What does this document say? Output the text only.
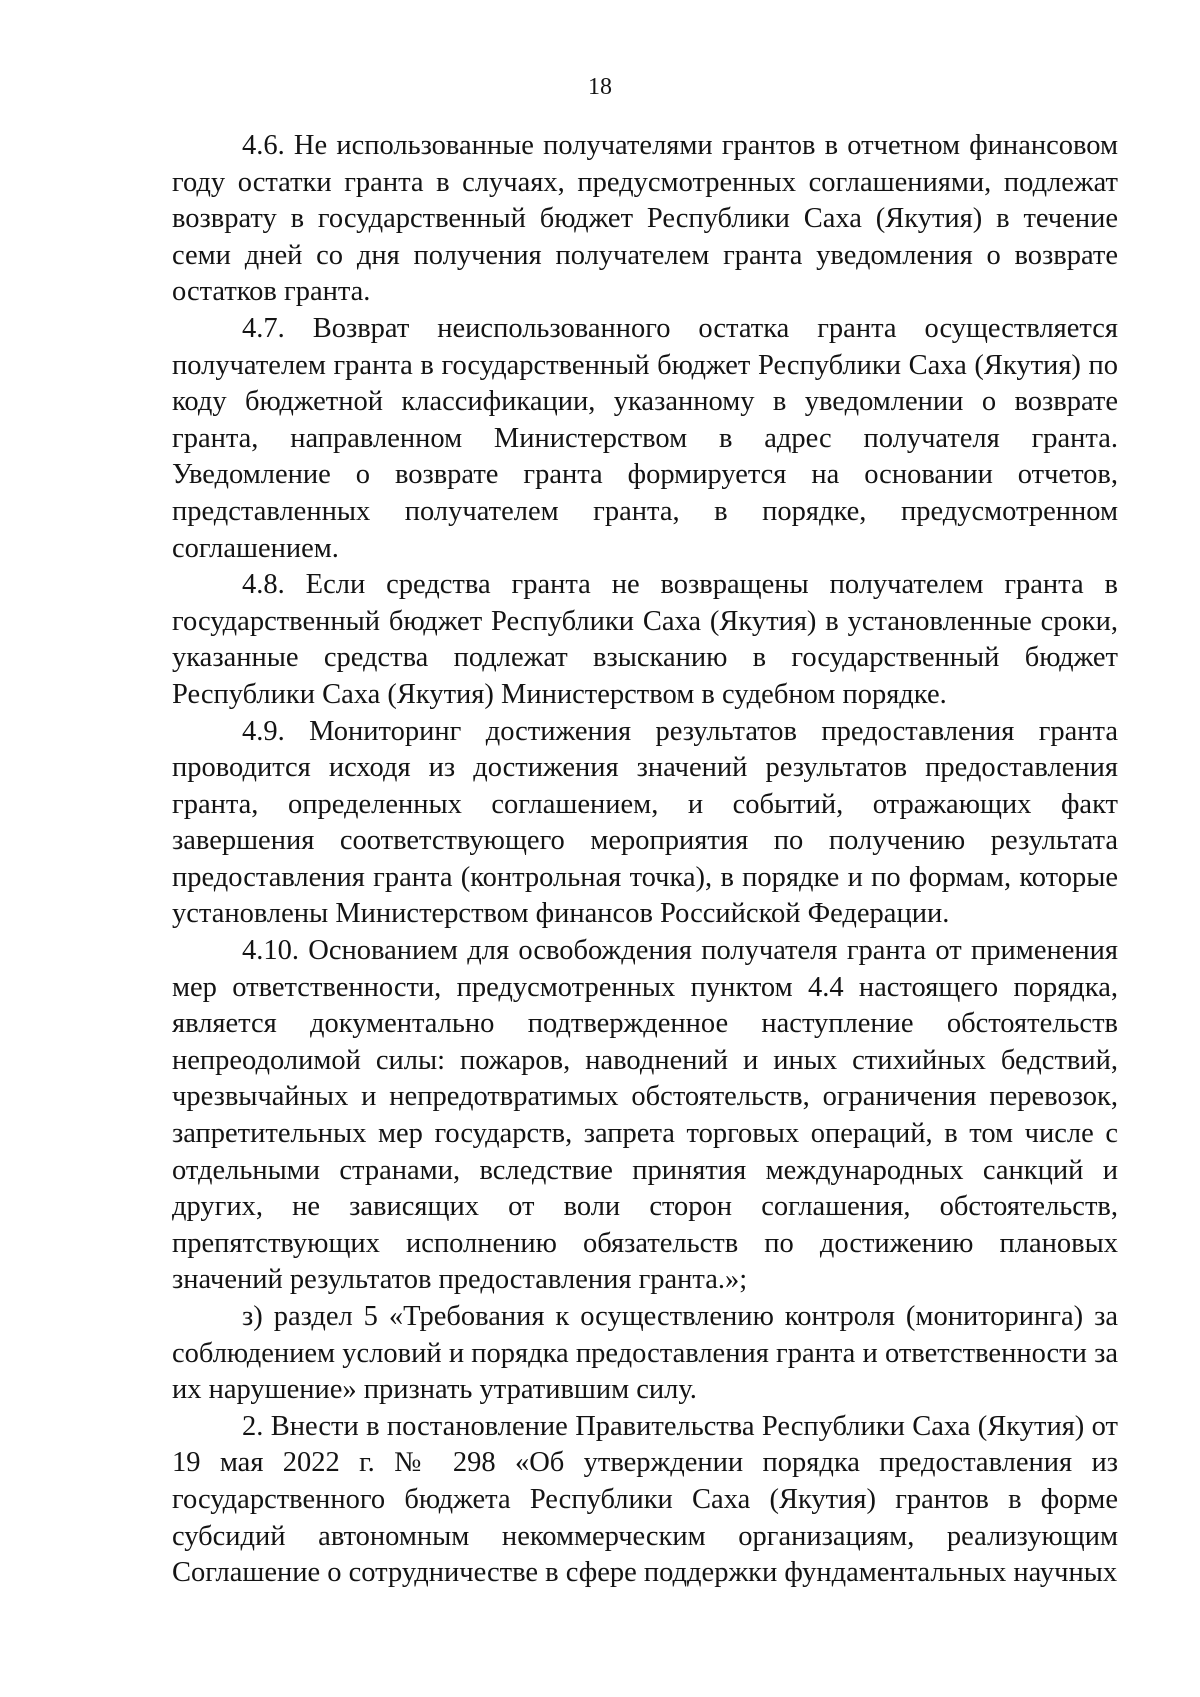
18

4.6. Не использованные получателями грантов в отчетном финансовом году остатки гранта в случаях, предусмотренных соглашениями, подлежат возврату в государственный бюджет Республики Саха (Якутия) в течение семи дней со дня получения получателем гранта уведомления о возврате остатков гранта.

4.7. Возврат неиспользованного остатка гранта осуществляется получателем гранта в государственный бюджет Республики Саха (Якутия) по коду бюджетной классификации, указанному в уведомлении о возврате гранта, направленном Министерством в адрес получателя гранта. Уведомление о возврате гранта формируется на основании отчетов, представленных получателем гранта, в порядке, предусмотренном соглашением.

4.8. Если средства гранта не возвращены получателем гранта в государственный бюджет Республики Саха (Якутия) в установленные сроки, указанные средства подлежат взысканию в государственный бюджет Республики Саха (Якутия) Министерством в судебном порядке.

4.9. Мониторинг достижения результатов предоставления гранта проводится исходя из достижения значений результатов предоставления гранта, определенных соглашением, и событий, отражающих факт завершения соответствующего мероприятия по получению результата предоставления гранта (контрольная точка), в порядке и по формам, которые установлены Министерством финансов Российской Федерации.

4.10. Основанием для освобождения получателя гранта от применения мер ответственности, предусмотренных пунктом 4.4 настоящего порядка, является документально подтвержденное наступление обстоятельств непреодолимой силы: пожаров, наводнений и иных стихийных бедствий, чрезвычайных и непредотвратимых обстоятельств, ограничения перевозок, запретительных мер государств, запрета торговых операций, в том числе с отдельными странами, вследствие принятия международных санкций и других, не зависящих от воли сторон соглашения, обстоятельств, препятствующих исполнению обязательств по достижению плановых значений результатов предоставления гранта.»;

з) раздел 5 «Требования к осуществлению контроля (мониторинга) за соблюдением условий и порядка предоставления гранта и ответственности за их нарушение» признать утратившим силу.

2. Внести в постановление Правительства Республики Саха (Якутия) от 19 мая 2022 г. № 298 «Об утверждении порядка предоставления из государственного бюджета Республики Саха (Якутия) грантов в форме субсидий автономным некоммерческим организациям, реализующим Соглашение о сотрудничестве в сфере поддержки фундаментальных научных
